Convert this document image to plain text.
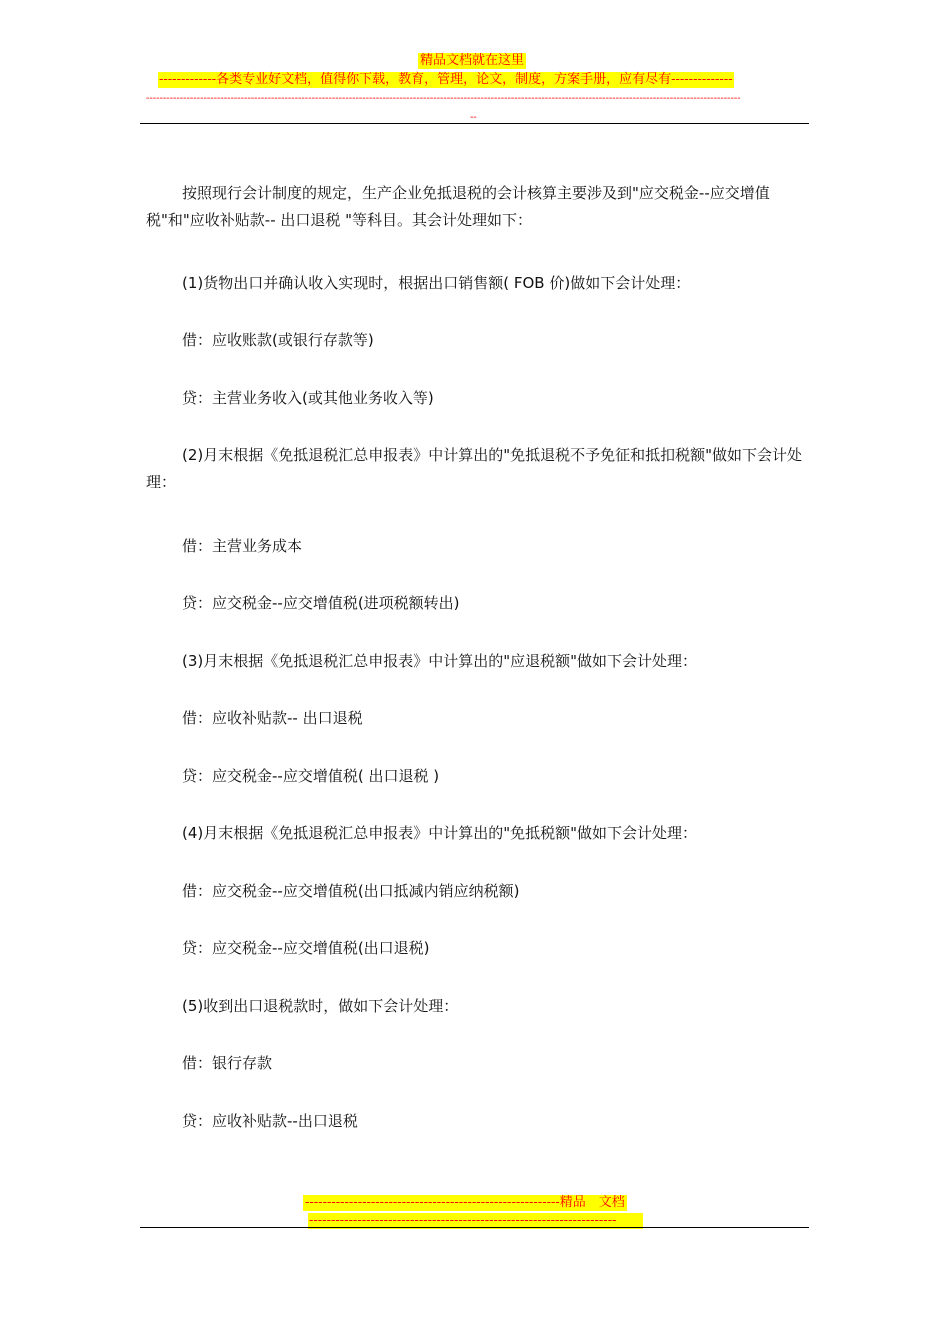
精品文档就在这里
-------------各类专业好文档，值得你下载，教育，管理，论文，制度，方案手册，应有尽有--------------
--------------------------------------------------------------------------------------------------------------------------------------------------------------------------------
--

按照现行会计制度的规定，生产企业免抵退税的会计核算主要涉及到"应交税金--应交增值税"和"应收补贴款-- 出口退税 "等科目。其会计处理如下：

(1)货物出口并确认收入实现时，根据出口销售额( FOB 价)做如下会计处理：
借：应收账款(或银行存款等)
贷：主营业务收入(或其他业务收入等)

(2)月末根据《免抵退税汇总申报表》中计算出的"免抵退税不予免征和抵扣税额"做如下会计处理：

借：主营业务成本
贷：应交税金--应交增值税(进项税额转出)
(3)月末根据《免抵退税汇总申报表》中计算出的"应退税额"做如下会计处理：
借：应收补贴款-- 出口退税
贷：应交税金--应交增值税( 出口退税 )
(4)月末根据《免抵退税汇总申报表》中计算出的"免抵税额"做如下会计处理：
借：应交税金--应交增值税(出口抵减内销应纳税额)
贷：应交税金--应交增值税(出口退税)
(5)收到出口退税款时，做如下会计处理：
借：银行存款
贷：应收补贴款--出口退税
----------------------------------------------------------精品　文档
----------------------------------------------------------------------
